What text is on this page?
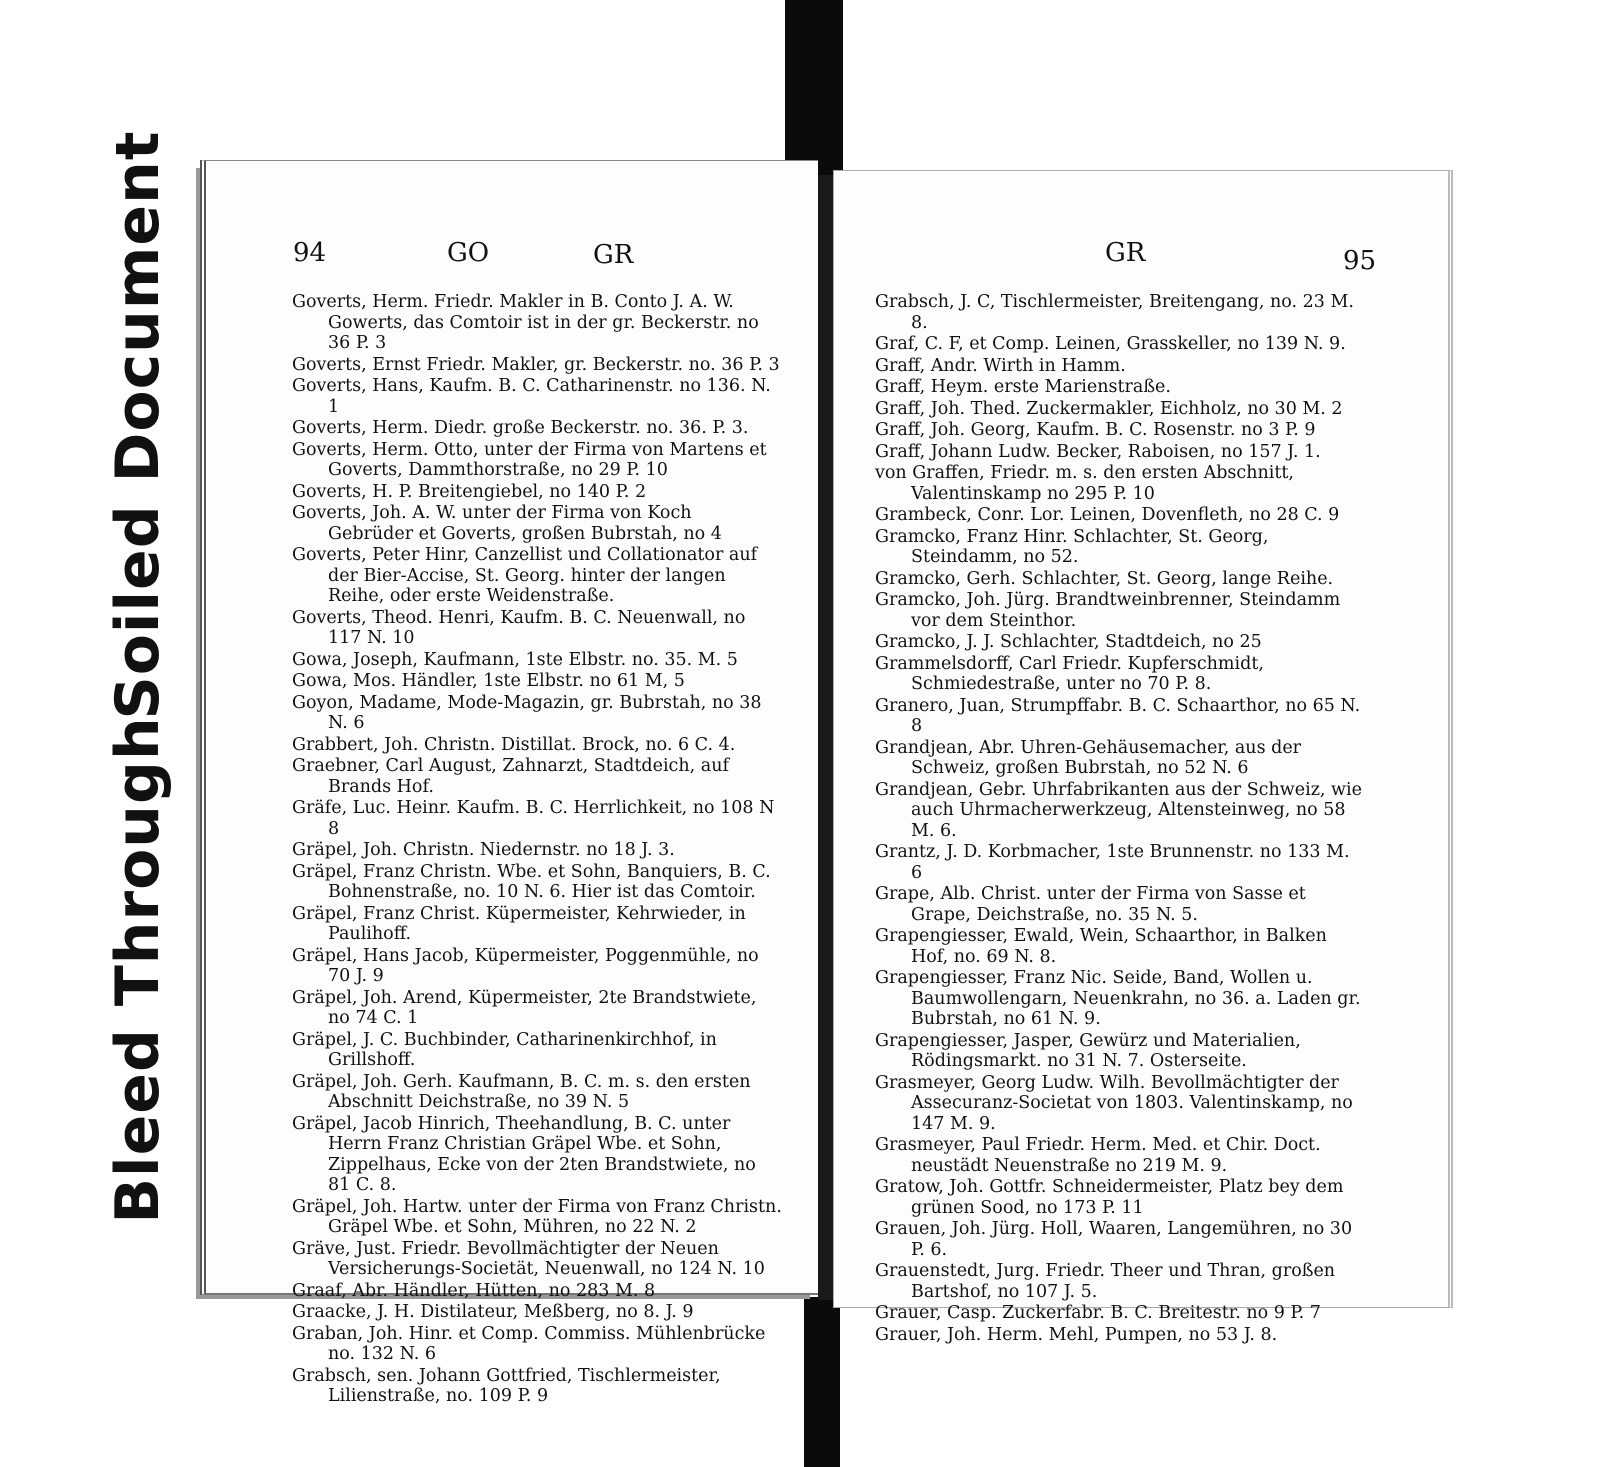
Soiled Document
Bleed Through
94	GO	GR	GR	95
Goverts, Herm. Friedr. Makler in B. Conto J. A. W. Gowerts, das Comtoir ist in der gr. Beckerstr. no 36 P. 3
Goverts, Ernst Friedr. Makler, gr. Beckerstr. no. 36 P. 3
Goverts, Hans, Kaufm. B. C. Catharinenstr. no 136. N. 1
Goverts, Herm. Diedr. große Beckerstr. no. 36. P. 3.
Goverts, Herm. Otto, unter der Firma von Martens et Goverts, Dammthorstraße, no 29 P. 10
Goverts, H. P. Breitengiebel, no 140 P. 2
Goverts, Joh. A. W. unter der Firma von Koch Gebrüder et Goverts, großen Bubrstah, no 4
Goverts, Peter Hinr, Canzellist und Collationator auf der Bier-Accise, St. Georg. hinter der langen Reihe, oder erste Weidenstraße.
Goverts, Theod. Henri, Kaufm. B. C. Neuenwall, no 117 N. 10
Gowa, Joseph, Kaufmann, 1ste Elbstr. no. 35. M. 5
Gowa, Mos. Händler, 1ste Elbstr. no 61 M, 5
Goyon, Madame, Mode-Magazin, gr. Bubrstah, no 38 N. 6
Grabbert, Joh. Christn. Distillat. Brock, no. 6 C. 4.
Graebner, Carl August, Zahnarzt, Stadtdeich, auf Brands Hof.
Gräfe, Luc. Heinr. Kaufm. B. C. Herrlichkeit, no 108 N 8
Gräpel, Joh. Christn. Niedernstr. no 18 J. 3.
Gräpel, Franz Christn. Wbe. et Sohn, Banquiers, B. C. Bohnenstraße, no. 10 N. 6. Hier ist das Comtoir.
Gräpel, Franz Christ. Küpermeister, Kehrwieder, in Paulihoff.
Gräpel, Hans Jacob, Küpermeister, Poggenmühle, no 70 J. 9
Gräpel, Joh. Arend, Küpermeister, 2te Brandstwiete, no 74 C. 1
Gräpel, J. C. Buchbinder, Catharinenkirchhof, in Grillshoff.
Gräpel, Joh. Gerh. Kaufmann, B. C. m. s. den ersten Abschnitt Deichstraße, no 39 N. 5
Gräpel, Jacob Hinrich, Theehandlung, B. C. unter Herrn Franz Christian Gräpel Wbe. et Sohn, Zippelhaus, Ecke von der 2ten Brandstwiete, no 81 C. 8.
Gräpel, Joh. Hartw. unter der Firma von Franz Christn. Gräpel Wbe. et Sohn, Mühren, no 22 N. 2
Gräve, Just. Friedr. Bevollmächtigter der Neuen Versicherungs-Societät, Neuenwall, no 124 N. 10
Graaf, Abr. Händler, Hütten, no 283 M. 8
Graacke, J. H. Distilateur, Meßberg, no 8. J. 9
Graban, Joh. Hinr. et Comp. Commiss. Mühlenbrücke no. 132 N. 6
Grabsch, sen. Johann Gottfried, Tischlermeister, Lilienstraße, no. 109 P. 9
Grabsch, J. C, Tischlermeister, Breitengang, no. 23 M. 8.
Graf, C. F, et Comp. Leinen, Grasskeller, no 139 N. 9.
Graff, Andr. Wirth in Hamm.
Graff, Heym. erste Marienstraße.
Graff, Joh. Thed. Zuckermakler, Eichholz, no 30 M. 2
Graff, Joh. Georg, Kaufm. B. C. Rosenstr. no 3 P. 9
Graff, Johann Ludw. Becker, Raboisen, no 157 J. 1.
von Graffen, Friedr. m. s. den ersten Abschnitt, Valentinskamp no 295 P. 10
Grambeck, Conr. Lor. Leinen, Dovenfleth, no 28 C. 9
Gramcko, Franz Hinr. Schlachter, St. Georg, Steindamm, no 52.
Gramcko, Gerh. Schlachter, St. Georg, lange Reihe.
Gramcko, Joh. Jürg. Brandtweinbrenner, Steindamm vor dem Steinthor.
Gramcko, J. J. Schlachter, Stadtdeich, no 25
Grammelsdorff, Carl Friedr. Kupferschmidt, Schmiedestraße, unter no 70 P. 8.
Granero, Juan, Strumpffabr. B. C. Schaarthor, no 65 N. 8
Grandjean, Abr. Uhren-Gehäusemacher, aus der Schweiz, großen Bubrstah, no 52 N. 6
Grandjean, Gebr. Uhrfabrikanten aus der Schweiz, wie auch Uhrmacherwerkzeug, Altensteinweg, no 58 M. 6.
Grantz, J. D. Korbmacher, 1ste Brunnenstr. no 133 M. 6
Grape, Alb. Christ. unter der Firma von Sasse et Grape, Deichstraße, no. 35 N. 5.
Grapengiesser, Ewald, Wein, Schaarthor, in Balken Hof, no. 69 N. 8.
Grapengiesser, Franz Nic. Seide, Band, Wollen u. Baumwollengarn, Neuenkrahn, no 36. a. Laden gr. Bubrstah, no 61 N. 9.
Grapengiesser, Jasper, Gewürz und Materialien, Rödingsmarkt. no 31 N. 7. Osterseite.
Grasmeyer, Georg Ludw. Wilh. Bevollmächtigter der Assecuranz-Societat von 1803. Valentinskamp, no 147 M. 9.
Grasmeyer, Paul Friedr. Herm. Med. et Chir. Doct. neustädt Neuenstraße no 219 M. 9.
Gratow, Joh. Gottfr. Schneidermeister, Platz bey dem grünen Sood, no 173 P. 11
Grauen, Joh. Jürg. Holl, Waaren, Langemühren, no 30 P. 6.
Grauenstedt, Jurg. Friedr. Theer und Thran, großen Bartshof, no 107 J. 5.
Grauer, Casp. Zuckerfabr. B. C. Breitestr. no 9 P. 7
Grauer, Joh. Herm. Mehl, Pumpen, no 53 J. 8.
